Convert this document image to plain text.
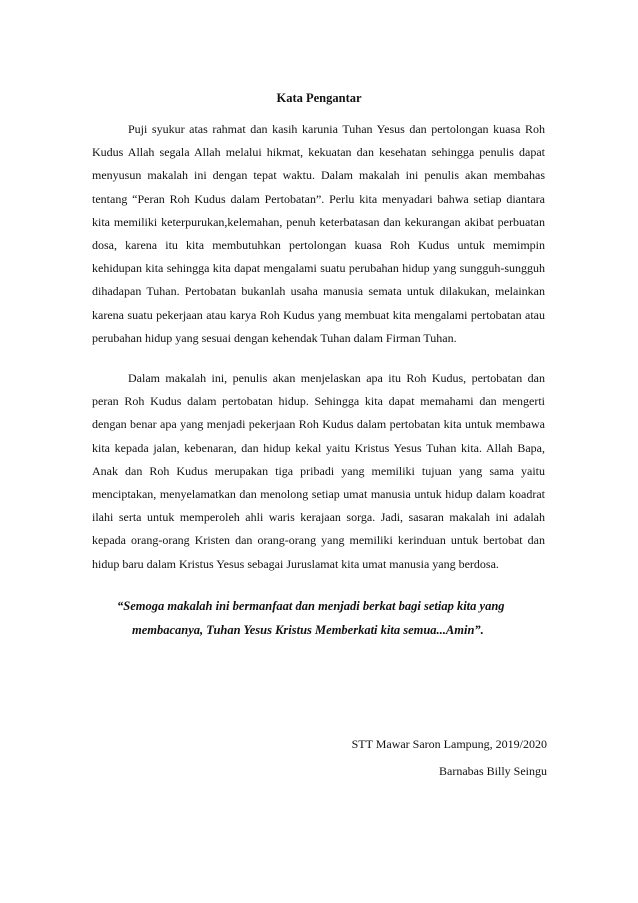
Kata Pengantar

Puji syukur atas rahmat dan kasih karunia Tuhan Yesus dan pertolongan kuasa Roh Kudus Allah segala Allah melalui hikmat, kekuatan dan kesehatan sehingga penulis dapat menyusun makalah ini dengan tepat waktu. Dalam makalah ini penulis akan membahas tentang “Peran Roh Kudus dalam Pertobatan”. Perlu kita menyadari bahwa setiap diantara kita memiliki keterpurukan,kelemahan, penuh keterbatasan dan kekurangan akibat perbuatan dosa, karena itu kita membutuhkan pertolongan kuasa Roh Kudus untuk memimpin kehidupan kita sehingga kita dapat mengalami suatu perubahan hidup yang sungguh-sungguh dihadapan Tuhan. Pertobatan bukanlah usaha manusia semata untuk dilakukan, melainkan karena suatu pekerjaan atau karya Roh Kudus yang membuat kita mengalami pertobatan atau perubahan hidup yang sesuai dengan kehendak Tuhan dalam Firman Tuhan.

Dalam makalah ini, penulis akan menjelaskan apa itu Roh Kudus, pertobatan dan peran Roh Kudus dalam pertobatan hidup. Sehingga kita dapat memahami dan mengerti dengan benar apa yang menjadi pekerjaan Roh Kudus dalam pertobatan kita untuk membawa kita kepada jalan, kebenaran, dan hidup kekal yaitu Kristus Yesus Tuhan kita. Allah Bapa, Anak dan Roh Kudus merupakan tiga pribadi yang memiliki tujuan yang sama yaitu menciptakan, menyelamatkan dan menolong setiap umat manusia untuk hidup dalam koadrat ilahi serta untuk memperoleh ahli waris kerajaan sorga. Jadi, sasaran makalah ini adalah kepada orang-orang Kristen dan orang-orang yang memiliki kerinduan untuk bertobat dan hidup baru dalam Kristus Yesus sebagai Juruslamat kita umat manusia yang berdosa.

“Semoga makalah ini bermanfaat dan menjadi berkat bagi setiap kita yang
membacanya, Tuhan Yesus Kristus Memberkati kita semua...Amin”.

STT Mawar Saron Lampung, 2019/2020
Barnabas Billy Seingu
